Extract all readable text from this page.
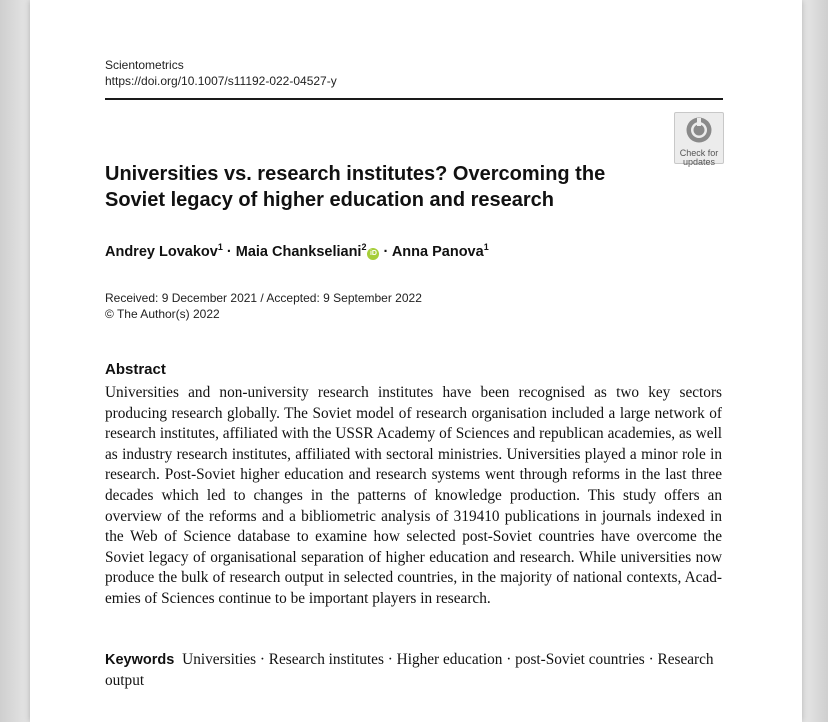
Scientometrics
https://doi.org/10.1007/s11192-022-04527-y
Check for
updates
Universities vs. research institutes? Overcoming the Soviet legacy of higher education and research
Andrey Lovakov$^1$ · Maia Chankseliani$^2$iD · Anna Panova$^1$
Received: 9 December 2021 / Accepted: 9 September 2022
© The Author(s) 2022
Abstract
Universities and non-university research institutes have been recognised as two key sectors producing research globally. The Soviet model of research organisation included a large network of research institutes, affiliated with the USSR Academy of Sciences and republican academies, as well as industry research institutes, affiliated with sectoral ministries. Universities played a minor role in research. Post-Soviet higher education and research systems went through reforms in the last three decades which led to changes in the patterns of knowledge production. This study offers an overview of the reforms and a bibliometric analysis of 319410 publications in journals indexed in the Web of Science database to examine how selected post-Soviet countries have overcome the Soviet legacy of organisational separation of higher education and research. While universities now produce the bulk of research output in selected countries, in the majority of national contexts, Academies of Sciences continue to be important players in research.
Keywords Universities · Research institutes · Higher education · post-Soviet countries · Research output
